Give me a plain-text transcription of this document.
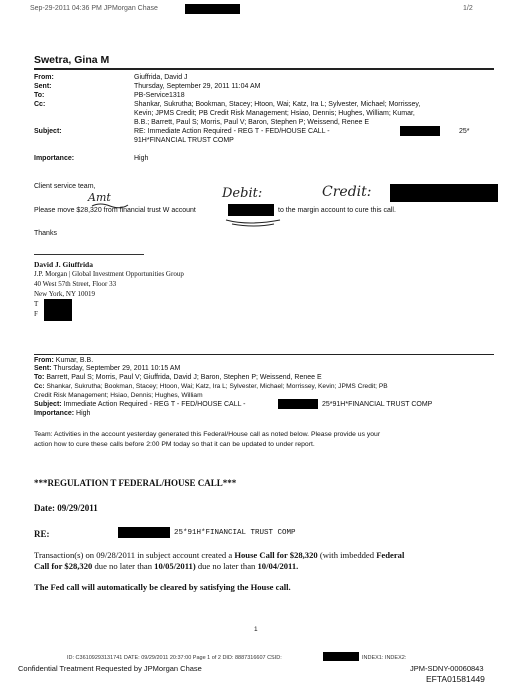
Sep-29-2011 04:36 PM JPMorgan Chase	1/2
Swetra, Gina M
From:	Giuffrida, David J
Sent:	Thursday, September 29, 2011 11:04 AM
To:	PB-Service1318
Cc:	Shankar, Sukrutha; Bookman, Stacey; Htoon, Wai; Katz, Ira L; Sylvester, Michael; Morrissey,
Kevin; JPMS Credit; PB Credit Risk Management; Hsiao, Dennis; Hughes, William; Kumar,
B.B.; Barrett, Paul S; Morris, Paul V; Baron, Stephen P; Weissend, Renee E
Subject:	RE: Immediate Action Required - REG T - FED/HOUSE CALL -	25*
91H*FINANCIAL TRUST COMP
Importance:	High
Client service team,
Amt	Debit:	Credit:
Please move $28,320 from financial trust W account	to the margin account to cure this call.
Thanks
David J. Giuffrida
J.P. Morgan | Global Investment Opportunities Group
40 West 57th Street, Floor 33
New York, NY 10019
T
F
From: Kumar, B.B.
Sent: Thursday, September 29, 2011 10:15 AM
To: Barrett, Paul S; Morris, Paul V; Giuffrida, David J; Baron, Stephen P; Weissend, Renee E
Cc: Shankar, Sukrutha; Bookman, Stacey; Htoon, Wai; Katz, Ira L; Sylvester, Michael; Morrissey, Kevin; JPMS Credit; PB
Credit Risk Management; Hsiao, Dennis; Hughes, William
Subject: Immediate Action Required - REG T - FED/HOUSE CALL -	25*91H*FINANCIAL TRUST COMP
Importance: High
Team: Activities in the account yesterday generated this Federal/House call as noted below. Please provide us your
action how to cure these calls before 2:00 PM today so that it can be updated to under report.
***REGULATION T FEDERAL/HOUSE CALL***
Date: 09/29/2011
RE:	25*91H*FINANCIAL TRUST COMP
Transaction(s) on 09/28/2011 in subject account created a House Call for $28,320 (with imbedded Federal
Call for $28,320 due no later than 10/05/2011) due no later than 10/04/2011.
The Fed call will automatically be cleared by satisfying the House call.
1
ID: C3610929313174​1 DATE: 09/29/2011 20:37:00 Page 1 of 2 DID: 8887316607 CSID:	INDEX1: INDEX2:
Confidential Treatment Requested by JPMorgan Chase	JPM-SDNY-00060843
EFTA01581449
